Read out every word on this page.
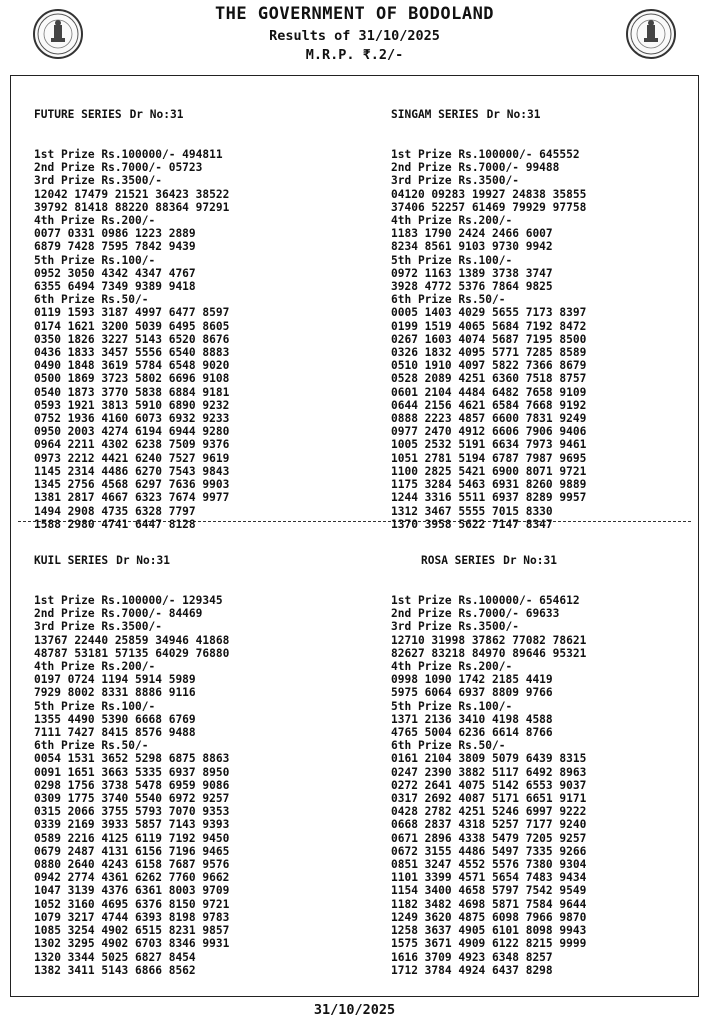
THE GOVERNMENT OF BODOLAND
Results of 31/10/2025
M.R.P. ₹.2/-

FUTURE SERIES Dr No:31

1st Prize Rs.100000/- 494811
2nd Prize Rs.7000/- 05723
3rd Prize Rs.3500/-
12042 17479 21521 36423 38522
39792 81418 88220 88364 97291
4th Prize Rs.200/-
0077 0331 0986 1223 2889
6879 7428 7595 7842 9439
5th Prize Rs.100/-
0952 3050 4342 4347 4767
6355 6494 7349 9389 9418
6th Prize Rs.50/-
0119 1593 3187 4997 6477 8597
0174 1621 3200 5039 6495 8605
0350 1826 3227 5143 6520 8676
0436 1833 3457 5556 6540 8883
0490 1848 3619 5784 6548 9020
0500 1869 3723 5802 6696 9108
0540 1873 3770 5838 6884 9181
0593 1921 3813 5910 6890 9232
0752 1936 4160 6073 6932 9233
0950 2003 4274 6194 6944 9280
0964 2211 4302 6238 7509 9376
0973 2212 4421 6240 7527 9619
1145 2314 4486 6270 7543 9843
1345 2756 4568 6297 7636 9903
1381 2817 4667 6323 7674 9977
1494 2908 4735 6328 7797
1588 2980 4741 6447 8128

SINGAM SERIES Dr No:31

1st Prize Rs.100000/- 645552
2nd Prize Rs.7000/- 99488
3rd Prize Rs.3500/-
04120 09283 19927 24838 35855
37406 52257 61469 79929 97758
4th Prize Rs.200/-
1183 1790 2424 2466 6007
8234 8561 9103 9730 9942
5th Prize Rs.100/-
0972 1163 1389 3738 3747
3928 4772 5376 7864 9825
6th Prize Rs.50/-
0005 1403 4029 5655 7173 8397
0199 1519 4065 5684 7192 8472
0267 1603 4074 5687 7195 8500
0326 1832 4095 5771 7285 8589
0510 1910 4097 5822 7366 8679
0528 2089 4251 6360 7518 8757
0601 2104 4484 6482 7658 9109
0644 2156 4621 6584 7668 9192
0888 2223 4857 6600 7831 9249
0977 2470 4912 6606 7906 9406
1005 2532 5191 6634 7973 9461
1051 2781 5194 6787 7987 9695
1100 2825 5421 6900 8071 9721
1175 3284 5463 6931 8260 9889
1244 3316 5511 6937 8289 9957
1312 3467 5555 7015 8330
1370 3958 5622 7147 8347

KUIL SERIES Dr No:31

1st Prize Rs.100000/- 129345
2nd Prize Rs.7000/- 84469
3rd Prize Rs.3500/-
13767 22440 25859 34946 41868
48787 53181 57135 64029 76880
4th Prize Rs.200/-
0197 0724 1194 5914 5989
7929 8002 8331 8886 9116
5th Prize Rs.100/-
1355 4490 5390 6668 6769
7111 7427 8415 8576 9488
6th Prize Rs.50/-
0054 1531 3652 5298 6875 8863
0091 1651 3663 5335 6937 8950
0298 1756 3738 5478 6959 9086
0309 1775 3740 5540 6972 9257
0315 2066 3755 5793 7070 9353
0339 2169 3933 5857 7143 9393
0589 2216 4125 6119 7192 9450
0679 2487 4131 6156 7196 9465
0880 2640 4243 6158 7687 9576
0942 2774 4361 6262 7760 9662
1047 3139 4376 6361 8003 9709
1052 3160 4695 6376 8150 9721
1079 3217 4744 6393 8198 9783
1085 3254 4902 6515 8231 9857
1302 3295 4902 6703 8346 9931
1320 3344 5025 6827 8454
1382 3411 5143 6866 8562

ROSA SERIES Dr No:31

1st Prize Rs.100000/- 654612
2nd Prize Rs.7000/- 69633
3rd Prize Rs.3500/-
12710 31998 37862 77082 78621
82627 83218 84970 89646 95321
4th Prize Rs.200/-
0998 1090 1742 2185 4419
5975 6064 6937 8809 9766
5th Prize Rs.100/-
1371 2136 3410 4198 4588
4765 5004 6236 6614 8766
6th Prize Rs.50/-
0161 2104 3809 5079 6439 8315
0247 2390 3882 5117 6492 8963
0272 2641 4075 5142 6553 9037
0317 2692 4087 5171 6651 9171
0428 2782 4251 5246 6997 9222
0668 2837 4318 5257 7177 9240
0671 2896 4338 5479 7205 9257
0672 3155 4486 5497 7335 9266
0851 3247 4552 5576 7380 9304
1101 3399 4571 5654 7483 9434
1154 3400 4658 5797 7542 9549
1182 3482 4698 5871 7584 9644
1249 3620 4875 6098 7966 9870
1258 3637 4905 6101 8098 9943
1575 3671 4909 6122 8215 9999
1616 3709 4923 6348 8257
1712 3784 4924 6437 8298

31/10/2025
